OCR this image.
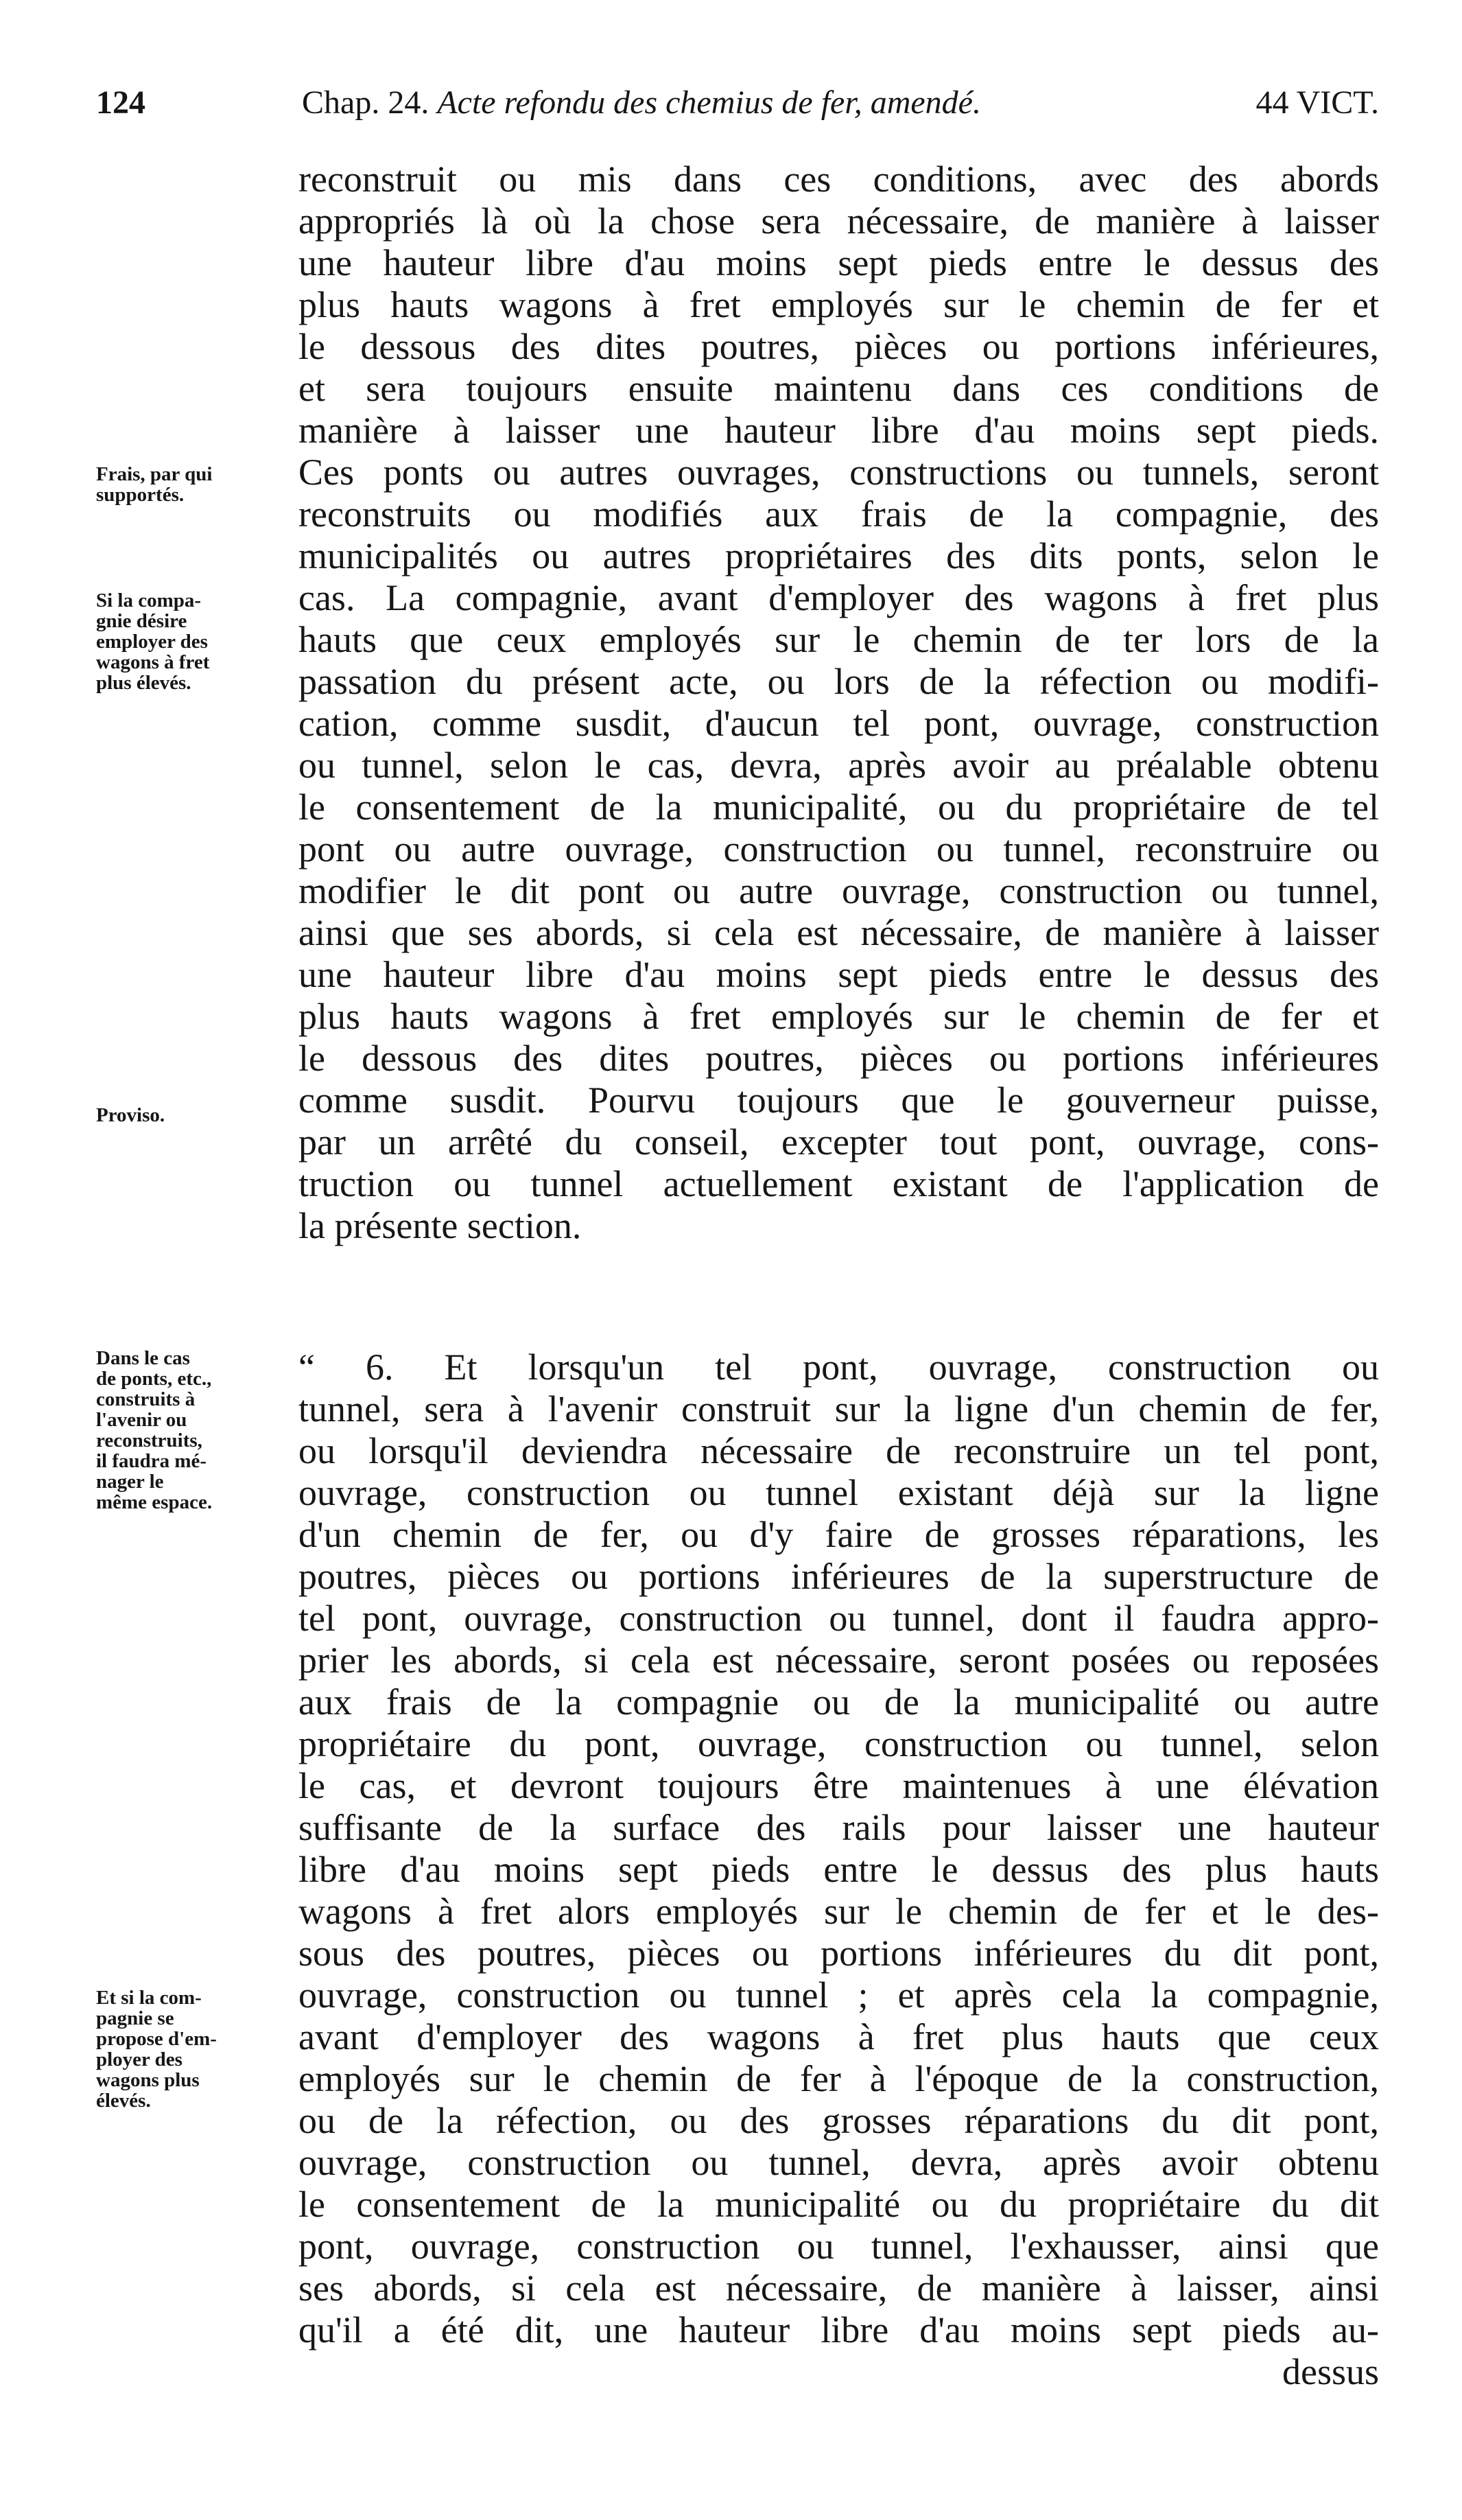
124	Chap. 24. Acte refondu des chemius de fer, amendé.	44 VICT.
reconstruit ou mis dans ces conditions, avec des abords
appropriés là où la chose sera nécessaire, de manière à laisser
une hauteur libre d'au moins sept pieds entre le dessus des
plus hauts wagons à fret employés sur le chemin de fer et
le dessous des dites poutres, pièces ou portions inférieures,
et sera toujours ensuite maintenu dans ces conditions de
manière à laisser une hauteur libre d'au moins sept pieds.
Ces ponts ou autres ouvrages, constructions ou tunnels, seront
reconstruits ou modifiés aux frais de la compagnie, des
municipalités ou autres propriétaires des dits ponts, selon le
cas. La compagnie, avant d'employer des wagons à fret plus
hauts que ceux employés sur le chemin de ter lors de la
passation du présent acte, ou lors de la réfection ou modifi-
cation, comme susdit, d'aucun tel pont, ouvrage, construction
ou tunnel, selon le cas, devra, après avoir au préalable obtenu
le consentement de la municipalité, ou du propriétaire de tel
pont ou autre ouvrage, construction ou tunnel, reconstruire ou
modifier le dit pont ou autre ouvrage, construction ou tunnel,
ainsi que ses abords, si cela est nécessaire, de manière à laisser
une hauteur libre d'au moins sept pieds entre le dessus des
plus hauts wagons à fret employés sur le chemin de fer et
le dessous des dites poutres, pièces ou portions inférieures
comme susdit. Pourvu toujours que le gouverneur puisse,
par un arrêté du conseil, excepter tout pont, ouvrage, cons-
truction ou tunnel actuellement existant de l'application de
la présente section.
“ 6. Et lorsqu'un tel pont, ouvrage, construction ou
tunnel, sera à l'avenir construit sur la ligne d'un chemin de fer,
ou lorsqu'il deviendra nécessaire de reconstruire un tel pont,
ouvrage, construction ou tunnel existant déjà sur la ligne
d'un chemin de fer, ou d'y faire de grosses réparations, les
poutres, pièces ou portions inférieures de la superstructure de
tel pont, ouvrage, construction ou tunnel, dont il faudra appro-
prier les abords, si cela est nécessaire, seront posées ou reposées
aux frais de la compagnie ou de la municipalité ou autre
propriétaire du pont, ouvrage, construction ou tunnel, selon
le cas, et devront toujours être maintenues à une élévation
suffisante de la surface des rails pour laisser une hauteur
libre d'au moins sept pieds entre le dessus des plus hauts
wagons à fret alors employés sur le chemin de fer et le des-
sous des poutres, pièces ou portions inférieures du dit pont,
ouvrage, construction ou tunnel ; et après cela la compagnie,
avant d'employer des wagons à fret plus hauts que ceux
employés sur le chemin de fer à l'époque de la construction,
ou de la réfection, ou des grosses réparations du dit pont,
ouvrage, construction ou tunnel, devra, après avoir obtenu
le consentement de la municipalité ou du propriétaire du dit
pont, ouvrage, construction ou tunnel, l'exhausser, ainsi que
ses abords, si cela est nécessaire, de manière à laisser, ainsi
qu'il a été dit, une hauteur libre d'au moins sept pieds au-
dessus
Frais, par qui
supportés.
Si la compa-
gnie désire
employer des
wagons à fret
plus élevés.
Proviso.
Dans le cas
de ponts, etc.,
construits à
l'avenir ou
reconstruits,
il faudra mé-
nager le
même espace.
Et si la com-
pagnie se
propose d'em-
ployer des
wagons plus
élevés.
